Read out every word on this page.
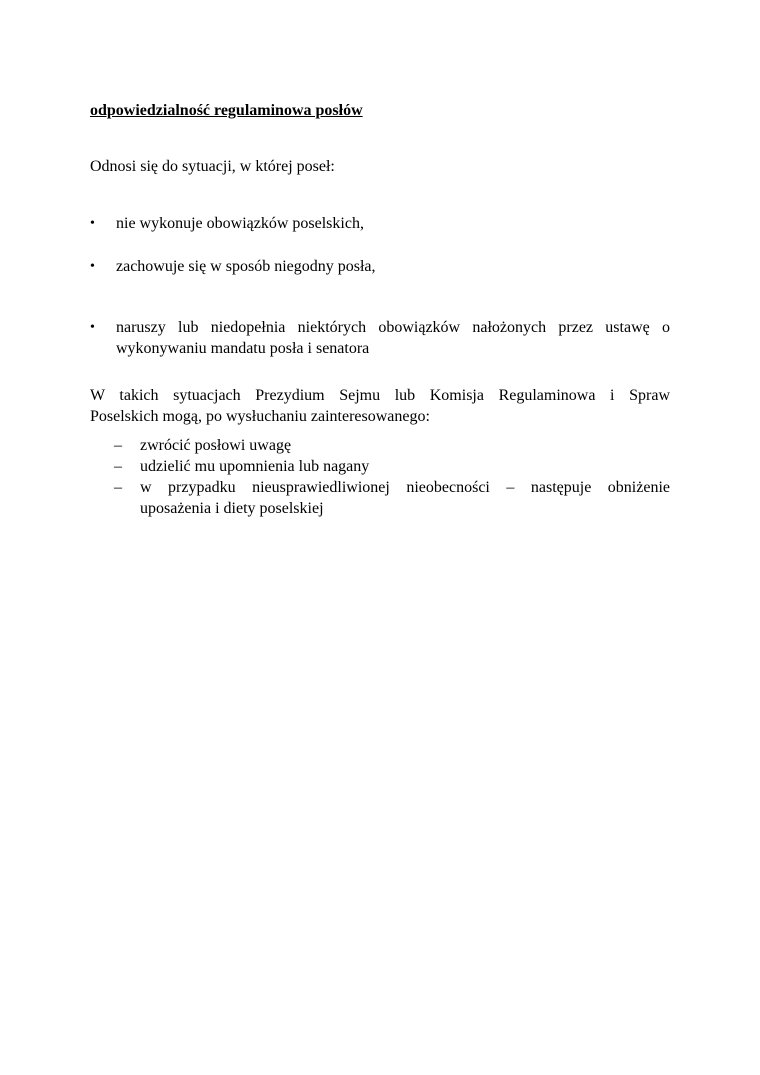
odpowiedzialność regulaminowa posłów

Odnosi się do sytuacji, w której poseł:

•	nie wykonuje obowiązków poselskich,
•	zachowuje się w sposób niegodny posła,
•	naruszy lub niedopełnia niektórych obowiązków nałożonych przez ustawę o wykonywaniu mandatu posła i senatora

W takich sytuacjach Prezydium Sejmu lub Komisja Regulaminowa i Spraw
Poselskich mogą, po wysłuchaniu zainteresowanego:

–	zwrócić posłowi uwagę
–	udzielić mu upomnienia lub nagany
–	w przypadku nieusprawiedliwionej nieobecności – następuje obniżenie uposażenia i diety poselskiej
